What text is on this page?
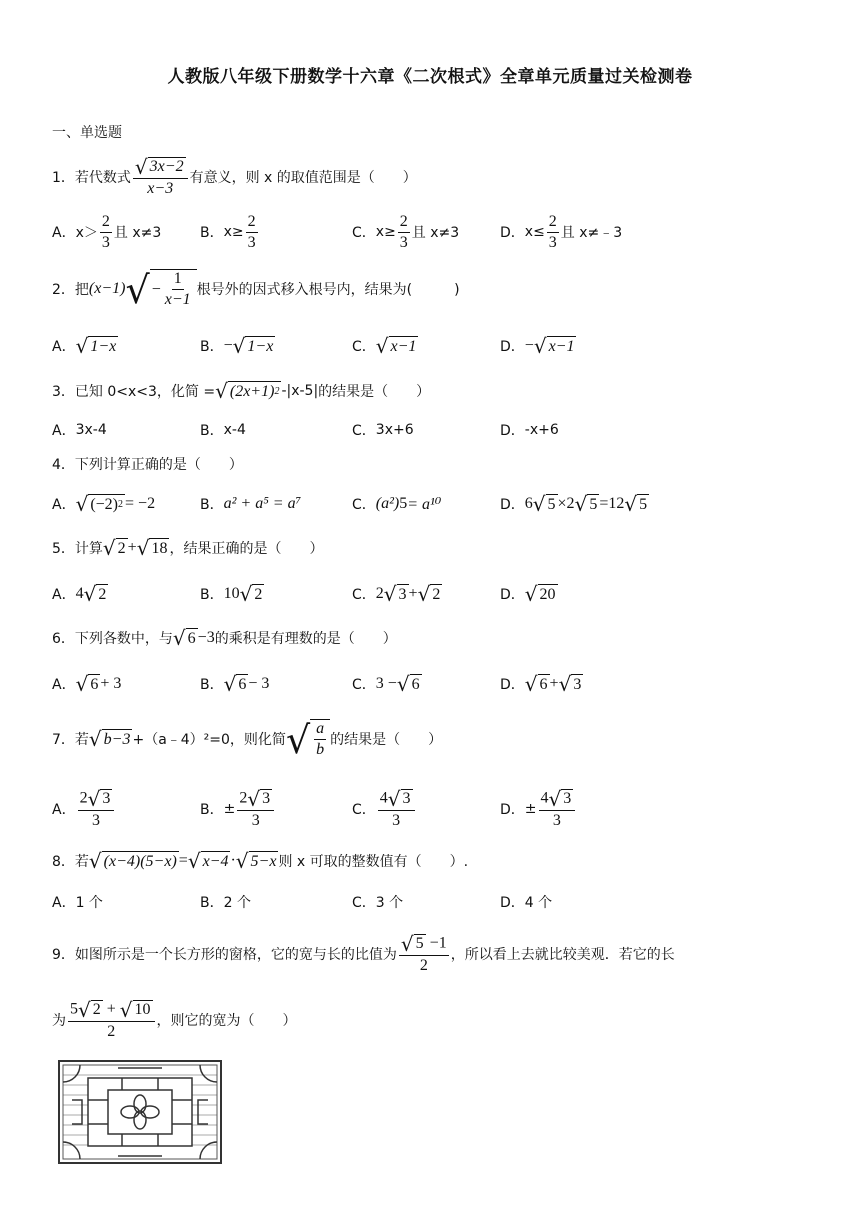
人教版八年级下册数学十六章《二次根式》全章单元质量过关检测卷
一、单选题
1． 若代数式 $\frac{√ 3x-2}{x-3}$ 有意义，则 x 的取值范围是（　　）
A． $x> \frac{2}{3}$ 且 x≠3	B． $x\ge \frac{2}{3}$	C． $x\ge \frac{2}{3}$ 且 x≠3	D． $x\le \frac{2}{3}$ 且 x≠﹣3
2． 把 (x−1) √ − $\frac{1}{x-1}$ 根号外的因式移入根号内，结果为(　　　)
A． √ 1−x	B． − √ 1−x	C． √ x−1	D． − √ x−1
3． 已知 0<x<3，化简 = √ (2x+1) 2 -|x-5| 的结果是（　　）
A． 3x-4	B． x-4	C． 3x+6	D． -x+6
4． 下列计算正确的是（　　）
A． √ (−2) 2 = −2	B． a² + a⁵ = a⁷	C． (a²) 5 = a¹⁰	D． 6 √ 5 ×2 √ 5 =12 √ 5
5． 计算 √ 2 + √ 18 ，结果正确的是（　　）
A． 4 √ 2	B． 10 √ 2	C． 2 √ 3 + √ 2	D． √ 20
6． 下列各数中，与 √ 6 −3 的乘积是有理数的是（　　）
A． √ 6 + 3	B． √ 6 − 3	C． 3 − √ 6	D． √ 6 + √ 3
7． 若 √ b−3 +（a﹣4）²=0，则化简 √ $\frac{a}{b}$ 的结果是（　　）
A． $\frac{2 √ 3}{3}$	B． ± $\frac{2 √ 3}{3}$	C． $\frac{4 √ 3}{3}$	D． ± $\frac{4 √ 3}{3}$
8． 若 √ (x−4)(5−x) = √ x−4 · √ 5−x 则 x 可取的整数值有（　　）.
A．1 个	B．2 个	C．3 个	D．4 个
9． 如图所示是一个长方形的窗格，它的宽与长的比值为 $\frac{√ 5 -1}{2}$ ，所以看上去就比较美观．若它的长
为 $\frac{5 √ 2 + √ 10}{2}$ ，则它的宽为（　　）
